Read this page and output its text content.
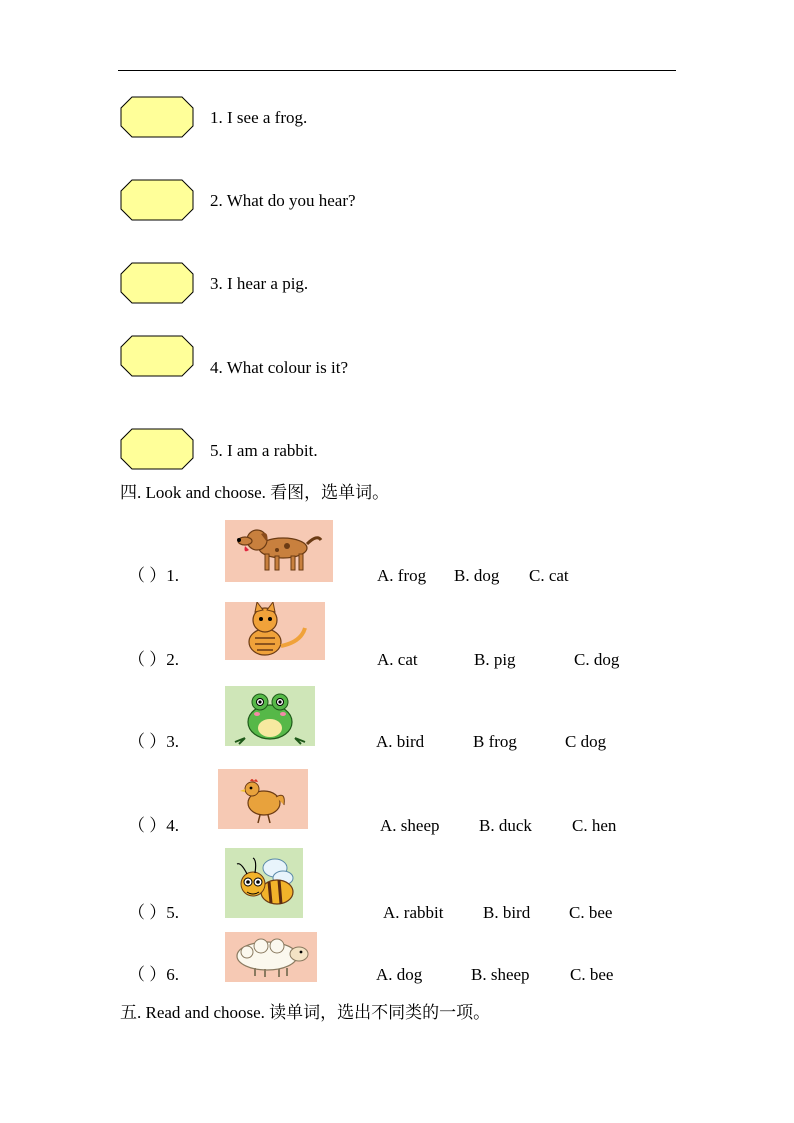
1. I see a frog.
2. What do you hear?
3. I hear a pig.
4. What colour is it?
5. I am a rabbit.
四. Look and choose. 看图，选单词。
（ ）1.	A. frog B. dog C. cat
（ ）2.	A. cat	B. pig	C. dog
（ ）3.	A. bird	B frog	C dog
（ ）4.	A. sheep B. duck C. hen
（ ）5.	A. rabbit B. bird C. bee
（ ）6.	A. dog	B. sheep C. bee
五. Read and choose. 读单词，选出不同类的一项。
